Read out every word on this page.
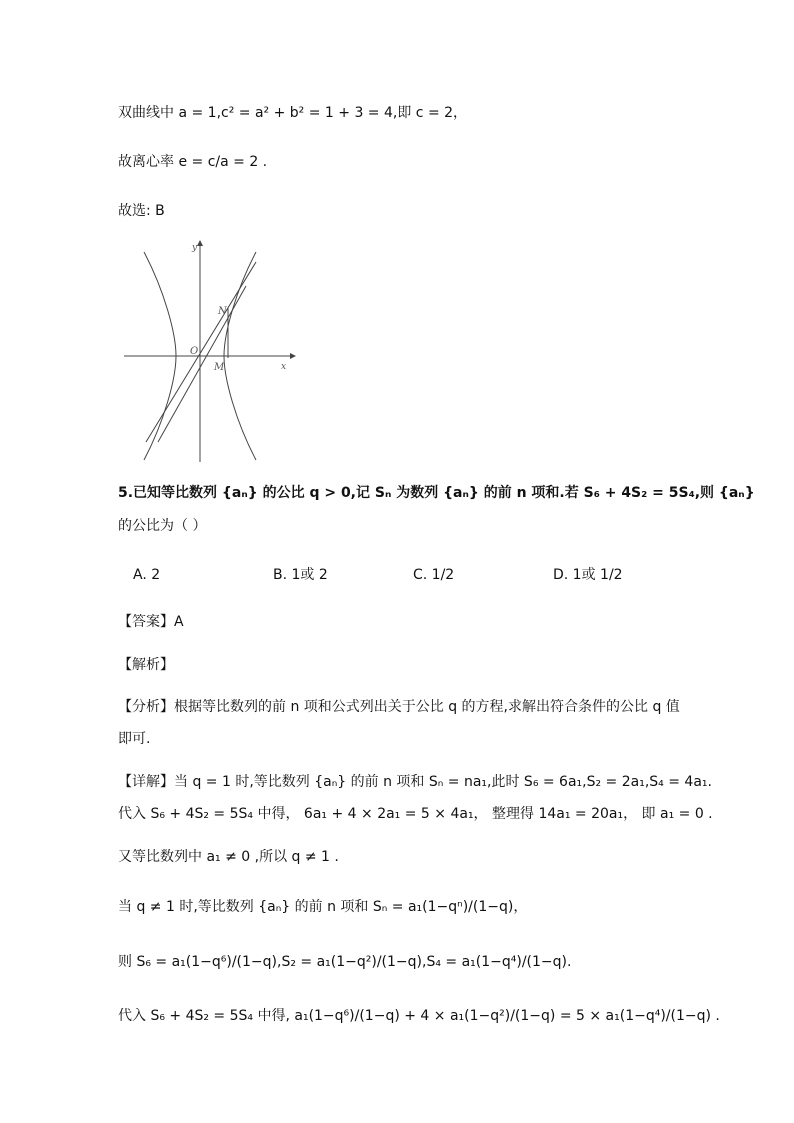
双曲线中 a = 1,c² = a² + b² = 1 + 3 = 4,即 c = 2，
故离心率 e = c/a = 2 .
故选: B
y
x
O
N
M
5.已知等比数列 {aₙ} 的公比 q > 0,记 Sₙ 为数列 {aₙ} 的前 n 项和.若 S₆ + 4S₂ = 5S₄,则 {aₙ}
的公比为（ ）
A. 2	B. 1或 2	C. 1/2	D. 1或 1/2
【答案】A
【解析】
【分析】根据等比数列的前 n 项和公式列出关于公比 q 的方程,求解出符合条件的公比 q 值
即可.
【详解】当 q = 1 时,等比数列 {aₙ} 的前 n 项和 Sₙ = na₁,此时 S₆ = 6a₁,S₂ = 2a₁,S₄ = 4a₁.
代入 S₆ + 4S₂ = 5S₄ 中得， 6a₁ + 4 × 2a₁ = 5 × 4a₁， 整理得 14a₁ = 20a₁， 即 a₁ = 0 .
又等比数列中 a₁ ≠ 0 ,所以 q ≠ 1 .
当 q ≠ 1 时,等比数列 {aₙ} 的前 n 项和 Sₙ = a₁(1−qⁿ)/(1−q)，
则 S₆ = a₁(1−q⁶)/(1−q),S₂ = a₁(1−q²)/(1−q),S₄ = a₁(1−q⁴)/(1−q).
代入 S₆ + 4S₂ = 5S₄ 中得, a₁(1−q⁶)/(1−q) + 4 × a₁(1−q²)/(1−q) = 5 × a₁(1−q⁴)/(1−q) .
